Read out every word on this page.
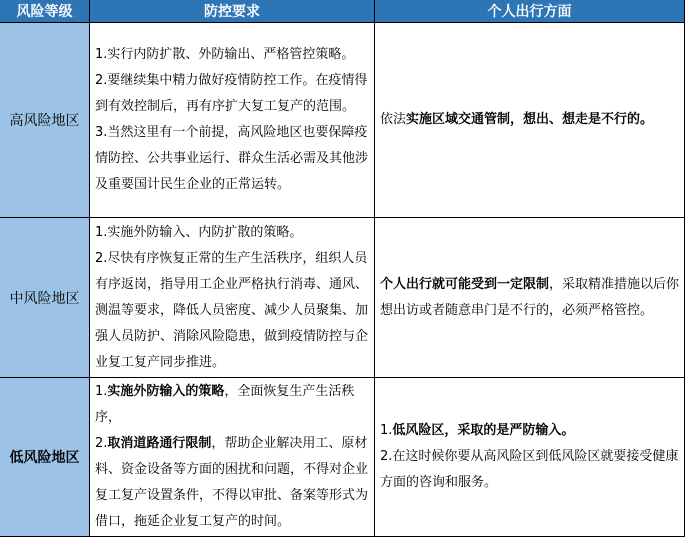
风险等级	防控要求	个人出行方面
高风险地区
1.实行内防扩散、外防输出、严格管控策略。
2.要继续集中精力做好疫情防控工作。在疫情得到有效控制后，再有序扩大复工复产的范围。
3.当然这里有一个前提，高风险地区也要保障疫情防控、公共事业运行、群众生活必需及其他涉及重要国计民生企业的正常运转。
依法实施区域交通管制，想出、想走是不行的。
中风险地区
1.实施外防输入、内防扩散的策略。
2.尽快有序恢复正常的生产生活秩序，组织人员有序返岗，指导用工企业严格执行消毒、通风、测温等要求，降低人员密度、减少人员聚集、加强人员防护、消除风险隐患，做到疫情防控与企业复工复产同步推进。
个人出行就可能受到一定限制，采取精准措施以后你想出访或者随意串门是不行的，必须严格管控。
低风险地区
1.实施外防输入的策略，全面恢复生产生活秩序，
2.取消道路通行限制，帮助企业解决用工、原材料、资金设备等方面的困扰和问题，不得对企业复工复产设置条件，不得以审批、备案等形式为借口，拖延企业复工复产的时间。
1.低风险区，采取的是严防输入。
2.在这时候你要从高风险区到低风险区就要接受健康方面的咨询和服务。
